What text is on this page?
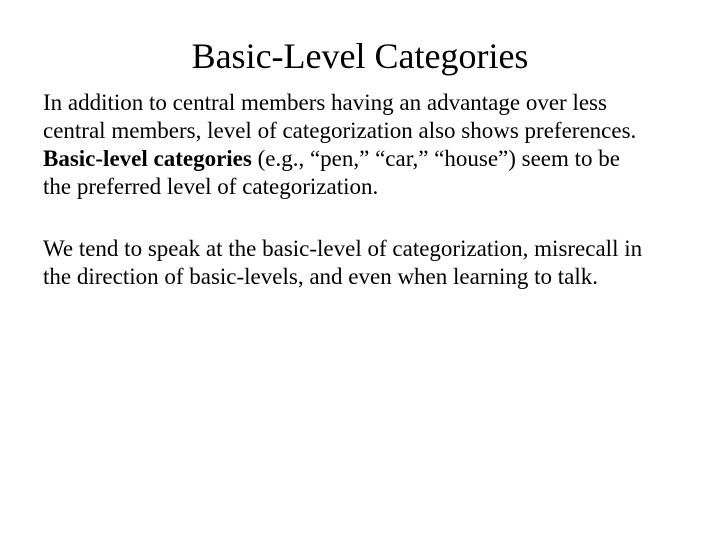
Basic-Level Categories

In addition to central members having an advantage over less
central members, level of categorization also shows preferences.
Basic-level categories (e.g., “pen,” “car,” “house”) seem to be
the preferred level of categorization.

We tend to speak at the basic-level of categorization, misrecall in
the direction of basic-levels, and even when learning to talk.
